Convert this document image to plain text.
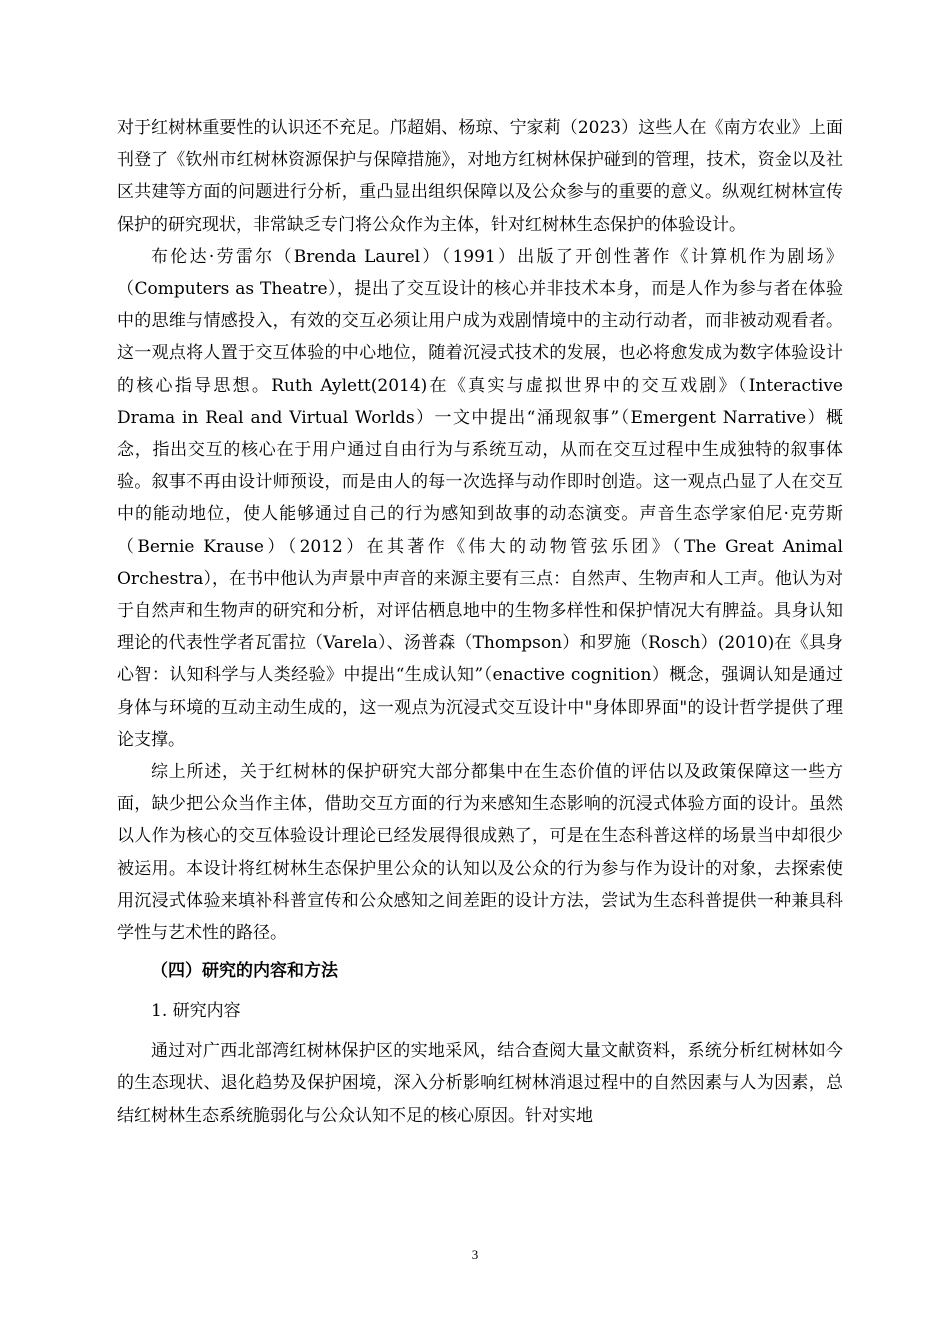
对于红树林重要性的认识还不充足。邝超娟、杨琼、宁家莉（2023）这些人在《南方农业》上面刊登了《钦州市红树林资源保护与保障措施》，对地方红树林保护碰到的管理，技术，资金以及社区共建等方面的问题进行分析，重凸显出组织保障以及公众参与的重要的意义。纵观红树林宣传保护的研究现状，非常缺乏专门将公众作为主体，针对红树林生态保护的体验设计。

布伦达·劳雷尔（Brenda Laurel）（1991）出版了开创性著作《计算机作为剧场》（Computers as Theatre），提出了交互设计的核心并非技术本身，而是人作为参与者在体验中的思维与情感投入，有效的交互必须让用户成为戏剧情境中的主动行动者，而非被动观看者。这一观点将人置于交互体验的中心地位，随着沉浸式技术的发展，也必将愈发成为数字体验设计的核心指导思想。Ruth Aylett(2014)在《真实与虚拟世界中的交互戏剧》（Interactive Drama in Real and Virtual Worlds）一文中提出“涌现叙事”（Emergent Narrative）概念，指出交互的核心在于用户通过自由行为与系统互动，从而在交互过程中生成独特的叙事体验。叙事不再由设计师预设，而是由人的每一次选择与动作即时创造。这一观点凸显了人在交互中的能动地位，使人能够通过自己的行为感知到故事的动态演变。声音生态学家伯尼·克劳斯（Bernie Krause）（2012）在其著作《伟大的动物管弦乐团》（The Great Animal Orchestra），在书中他认为声景中声音的来源主要有三点：自然声、生物声和人工声。他认为对于自然声和生物声的研究和分析，对评估栖息地中的生物多样性和保护情况大有脾益。具身认知理论的代表性学者瓦雷拉（Varela）、汤普森（Thompson）和罗施（Rosch）(2010)在《具身心智：认知科学与人类经验》中提出“生成认知”（enactive cognition）概念，强调认知是通过身体与环境的互动主动生成的，这一观点为沉浸式交互设计中"身体即界面"的设计哲学提供了理论支撑。

综上所述，关于红树林的保护研究大部分都集中在生态价值的评估以及政策保障这一些方面，缺少把公众当作主体，借助交互方面的行为来感知生态影响的沉浸式体验方面的设计。虽然以人作为核心的交互体验设计理论已经发展得很成熟了，可是在生态科普这样的场景当中却很少被运用。本设计将红树林生态保护里公众的认知以及公众的行为参与作为设计的对象，去探索使用沉浸式体验来填补科普宣传和公众感知之间差距的设计方法，尝试为生态科普提供一种兼具科学性与艺术性的路径。

（四）研究的内容和方法
1. 研究内容

通过对广西北部湾红树林保护区的实地采风，结合查阅大量文献资料，系统分析红树林如今的生态现状、退化趋势及保护困境，深入分析影响红树林消退过程中的自然因素与人为因素，总结红树林生态系统脆弱化与公众认知不足的核心原因。针对实地

3
